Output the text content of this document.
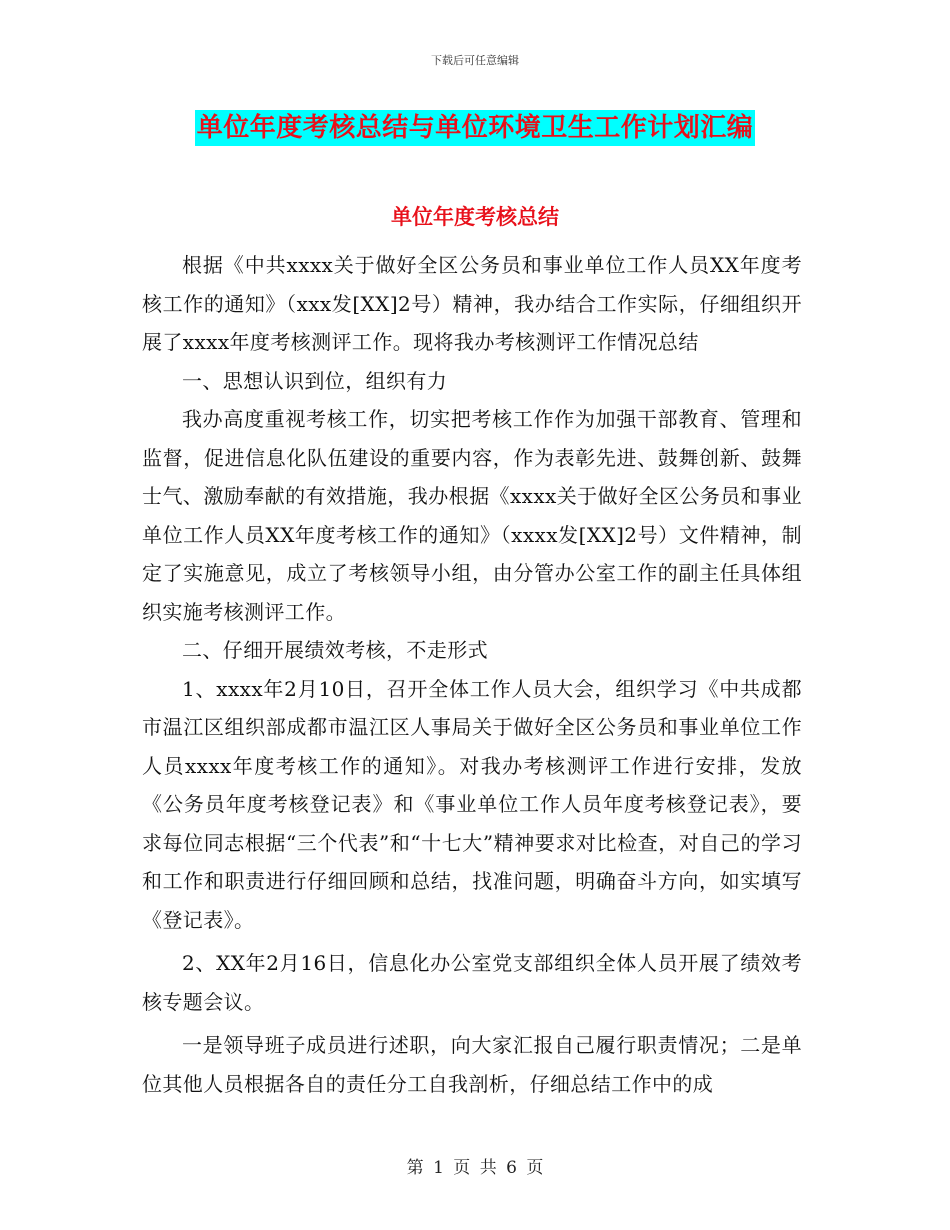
下载后可任意编辑
单位年度考核总结与单位环境卫生工作计划汇编
单位年度考核总结

根据《中共xxxx关于做好全区公务员和事业单位工作人员XX年度考核工作的通知》（xxx发[XX]2号）精神，我办结合工作实际，仔细组织开展了xxxx年度考核测评工作。现将我办考核测评工作情况总结

一、思想认识到位，组织有力

我办高度重视考核工作，切实把考核工作作为加强干部教育、管理和监督，促进信息化队伍建设的重要内容，作为表彰先进、鼓舞创新、鼓舞士气、激励奉献的有效措施，我办根据《xxxx关于做好全区公务员和事业单位工作人员XX年度考核工作的通知》（xxxx发[XX]2号）文件精神，制定了实施意见，成立了考核领导小组，由分管办公室工作的副主任具体组织实施考核测评工作。

二、仔细开展绩效考核，不走形式

1、xxxx年2月10日，召开全体工作人员大会，组织学习《中共成都市温江区组织部成都市温江区人事局关于做好全区公务员和事业单位工作人员xxxx年度考核工作的通知》。对我办考核测评工作进行安排，发放《公务员年度考核登记表》和《事业单位工作人员年度考核登记表》，要求每位同志根据“三个代表”和“十七大”精神要求对比检查，对自己的学习和工作和职责进行仔细回顾和总结，找准问题，明确奋斗方向，如实填写《登记表》。

2、XX年2月16日，信息化办公室党支部组织全体人员开展了绩效考核专题会议。

一是领导班子成员进行述职，向大家汇报自己履行职责情况；二是单位其他人员根据各自的责任分工自我剖析，仔细总结工作中的成

第 1 页 共 6 页
